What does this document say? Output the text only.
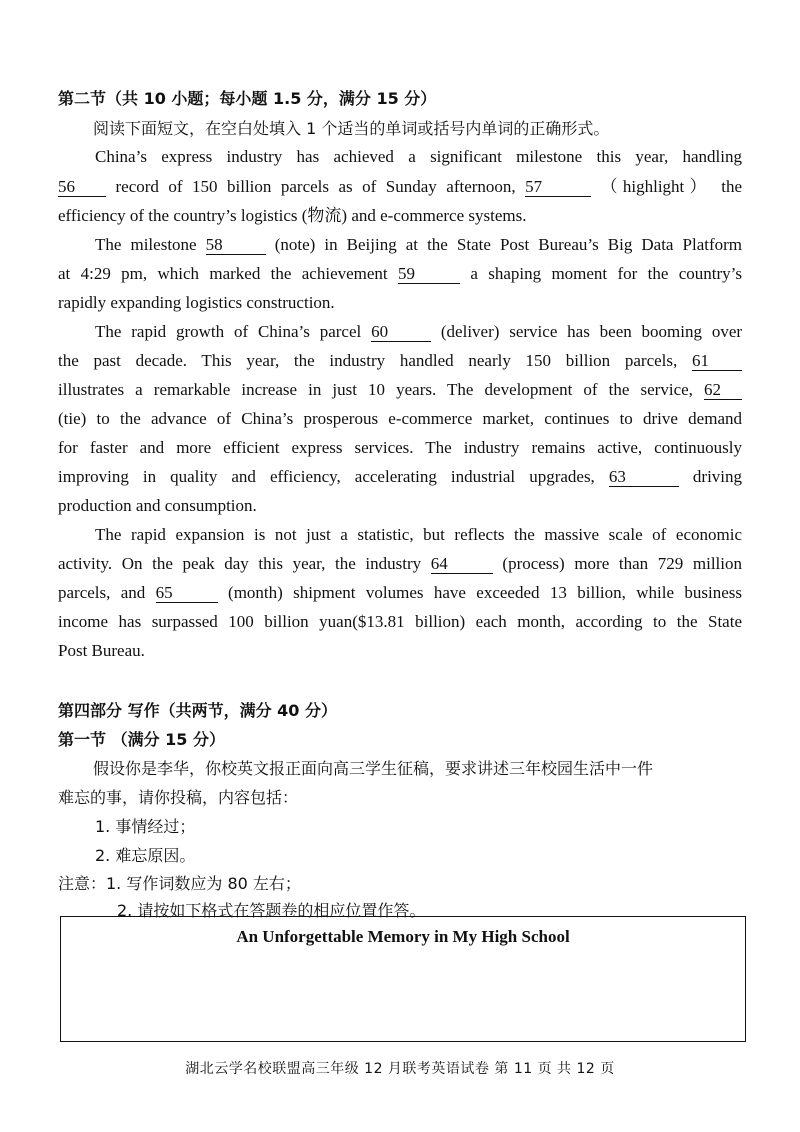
第二节（共 10 小题；每小题 1.5 分，满分 15 分）
阅读下面短文，在空白处填入 1 个适当的单词或括号内单词的正确形式。
China’s express industry has achieved a significant milestone this year, handling
56 record of 150 billion parcels as of Sunday afternoon, 57	（highlight） the
efficiency of the country’s logistics (物流) and e-commerce systems.
The milestone 58	(note) in Beijing at the State Post Bureau’s Big Data Platform
at 4:29 pm, which marked the achievement 59	a shaping moment for the country’s
rapidly expanding logistics construction.
The rapid growth of China’s parcel 60	(deliver) service has been booming over
the past decade. This year, the industry handled nearly 150 billion parcels, 61
illustrates a remarkable increase in just 10 years. The development of the service, 62
(tie) to the advance of China’s prosperous e-commerce market, continues to drive demand
for faster and more efficient express services. The industry remains active, continuously
improving in quality and efficiency, accelerating industrial upgrades, 63	driving
production and consumption.
The rapid expansion is not just a statistic, but reflects the massive scale of economic
activity. On the peak day this year, the industry 64	(process) more than 729 million
parcels, and 65	(month) shipment volumes have exceeded 13 billion, while business
income has surpassed 100 billion yuan($13.81 billion) each month, according to the State
Post Bureau.
第四部分 写作（共两节，满分 40 分）
第一节 （满分 15 分）
假设你是李华，你校英文报正面向高三学生征稿，要求讲述三年校园生活中一件
难忘的事，请你投稿，内容包括：
1. 事情经过；
2. 难忘原因。
注意：1. 写作词数应为 80 左右；
2. 请按如下格式在答题卷的相应位置作答。
An Unforgettable Memory in My High School
湖北云学名校联盟高三年级 12 月联考英语试卷 第 11 页 共 12 页
